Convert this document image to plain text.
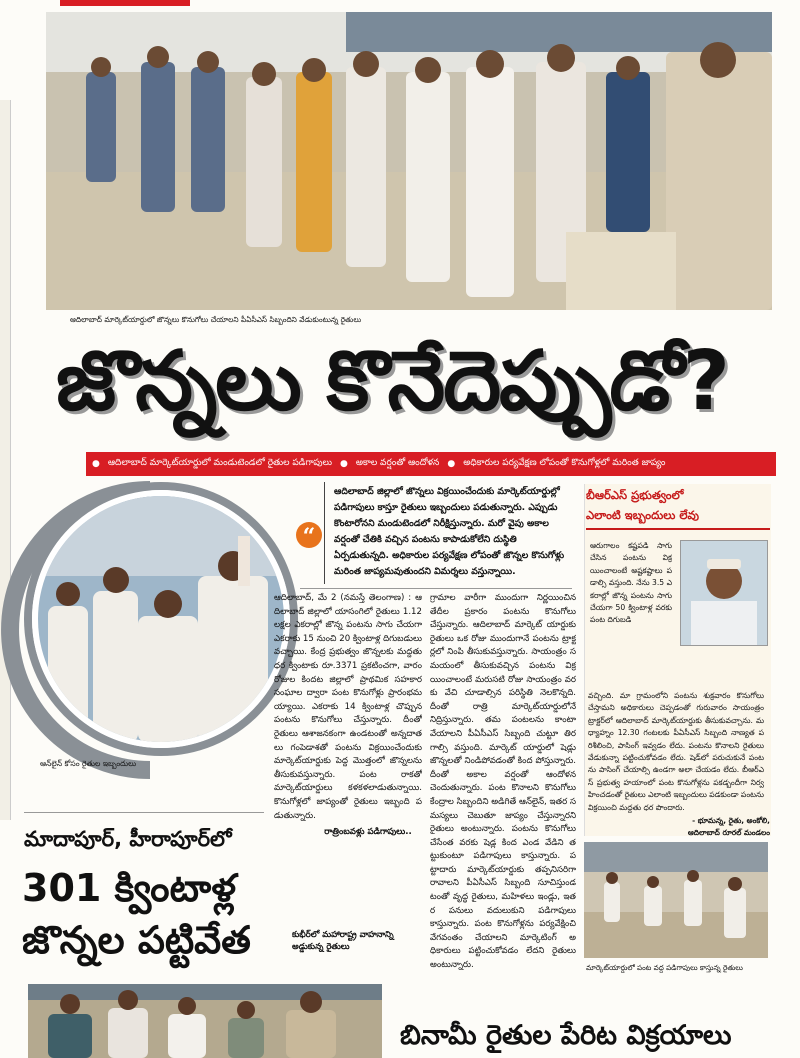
ఆదిలాబాద్ మార్కెట్‌యార్డులో జొన్నలు కొనుగోలు చేయాలని పీఏసీఎస్ సిబ్బందిని వేడుకుంటున్న రైతులు
జొన్నలు కొనేదెప్పుడో?
● ఆదిలాబాద్ మార్కెట్‌యార్డులో మండుటెండలో రైతుల పడిగాపులు ● అకాల వర్షంతో ఆందోళన ● అధికారుల పర్యవేక్షణ లోపంతో కొనుగోళ్లలో మరింత జాప్యం
ఆన్‌లైన్ కోసం రైతుల ఇబ్బందులు
“
ఆదిలాబాద్ జిల్లాలో జొన్నలు విక్రయించేందుకు మార్కెట్‌యార్డుల్లో పడిగాపులు కాస్తూ రైతులు ఇబ్బందులు పడుతున్నారు. ఎప్పుడు కొంటారోనని మండుటెండలో నిరీక్షిస్తున్నారు. మరో వైపు అకాల వర్షంతో చేతికి వచ్చిన పంటను కాపాడుకోలేని దుస్థితి ఏర్పడుతున్నది. అధికారుల పర్యవేక్షణ లోపంతో జొన్నల కొనుగోళ్లు మరింత జాప్యమవుతుందని విమర్శలు వస్తున్నాయి.
ఆదిలాబాద్, మే 2 (నమస్తే తెలంగాణ) : ఆదిలాబాద్ జిల్లాలో యాసంగిలో రైతులు 1.12 లక్షల ఎకరాల్లో జొన్న పంటను సాగు చేయగా ఎకరాకు 15 నుంచి 20 క్వింటాళ్ల దిగుబడులు వచ్చాయి. కేంద్ర ప్రభుత్వం జొన్నలకు మద్దతు ధర క్వింటాకు రూ.3371 ప్రకటించగా, వారం రోజుల కిందట జిల్లాలో ప్రాథమిక సహకార సంఘాల ద్వారా పంట కొనుగోళ్లు ప్రారంభమయ్యాయి. ఎకరాకు 14 క్వింటాళ్ల చొప్పున పంటను కొనుగోలు చేస్తున్నారు. దీంతో రైతులు ఆశాజనకంగా ఉండటంతో అన్నదాతలు గంపెడాశతో పంటను విక్రయించేందుకు మార్కెట్‌యార్డుకు పెద్ద మొత్తంలో జొన్నలను తీసుకువస్తున్నారు. పంట రాకతో మార్కెట్‌యార్డులు కళకళలాడుతున్నాయి. కొనుగోళ్లలో జాప్యంతో రైతులు ఇబ్బంది పడుతున్నారు.
గ్రామాల వారీగా ముందుగా నిర్ణయించిన తేదీల ప్రకారం పంటను కొనుగోలు చేస్తున్నారు. ఆదిలాబాద్ మార్కెట్ యార్డుకు రైతులు ఒక రోజు ముందుగానే పంటను ట్రాక్టర్లలో నింపి తీసుకువస్తున్నారు. సాయంత్రం సమయంలో తీసుకువచ్చిన పంటను విక్రయించాలంటే మరుసటి రోజు సాయంత్రం వరకు వేచి చూడాల్సిన పరిస్థితి నెలకొన్నది. దీంతో రాత్రి మార్కెట్‌యార్డులోనే నిద్రిస్తున్నారు. తమ పంటలను కాంటా వేయాలని పీఏసీఎస్ సిబ్బంది చుట్టూ తిరగాల్సి వస్తుంది. మార్కెట్ యార్డులో షెడ్లు జొన్నలతో నిండిపోవడంతో కింద పోస్తున్నారు. దీంతో అకాల వర్షంతో ఆందోళన చెందుతున్నారు. పంట కొనాలని కొనుగోలు కేంద్రాల సిబ్బందిని అడిగితే ఆన్‌లైన్, ఇతర సమస్యలు చెబుతూ జాప్యం చేస్తున్నారని రైతులు అంటున్నారు. పంటను కొనుగోలు చేసేంత వరకు షెడ్ల కింద ఎండ వేడిని తట్టుకుంటూ పడిగాపులు కాస్తున్నారు. పట్టాదారు మార్కెట్‌యార్డుకు తప్పనిసరిగా రావాలని పీఏసీఎస్ సిబ్బంది సూచిస్తుండటంతో వృద్ధ రైతులు, మహిళలు ఇండ్లు, ఇతర పనులు వదులుకుని పడిగాపులు కాస్తున్నారు. పంట కొనుగోళ్లను పర్యవేక్షించి వేగవంతం చేయాలని మార్కెటింగ్ అధికారులు పట్టించుకోవడం లేదని రైతులు అంటున్నారు.
రాత్రింబవళ్లు పడిగాపులు..
బీఆర్‌ఎస్ ప్రభుత్వంలో
ఎలాంటి ఇబ్బందులు లేవు
ఆరుగాలం కష్టపడి సాగు చేసిన పంటను విక్రయించాలంటే అష్టకష్టాలు పడాల్సి వస్తుంది. నేను 3.5 ఎకరాల్లో జొన్న పంటను సాగు చేయగా 50 క్వింటాళ్ల వరకు పంట దిగుబడి
వచ్చింది. మా గ్రామంలోని పంటను శుక్రవారం కొనుగోలు చేస్తామని అధికారులు చెప్పడంతో గురువారం సాయంత్రం ట్రాక్టర్‌లో ఆదిలాబాద్ మార్కెట్‌యార్డుకు తీసుకువచ్చాను. మధ్యాహ్నం 12.30 గంటలకు పీఏసీఎస్ సిబ్బంది నాణ్యత పరిశీలించి, పాసింగ్ ఇవ్వడం లేదు. పంటను కొనాలని రైతులు వేడుకున్నా పట్టించుకోవడం లేదు. షెడ్‌లో పరుచుకునే పంటను పాసింగ్ చేయాల్సి ఉండగా అలా చేయడం లేదు. బీఆర్‌ఎస్ ప్రభుత్వ హయాంలో పంట కొనుగోళ్లను పకడ్బందీగా నిర్వహించడంతో రైతులు ఎలాంటి ఇబ్బందులు పడకుండా పంటను విక్రయించి మద్దతు ధర పొందారు.
- భూమన్న, రైతు, అంకోలి,
ఆదిలాబాద్ రూరల్ మండలం
మార్కెట్‌యార్డులో పంట వద్ద పడిగాపులు కాస్తున్న రైతులు
మాదాపూర్, హీరాపూర్‌లో
301 క్వింటాళ్ల
జొన్నల పట్టివేత	కుభీర్‌లో మహారాష్ట్ర వాహనాన్ని అడ్డుకున్న రైతులు
బినామీ రైతుల పేరిట విక్రయాలు
